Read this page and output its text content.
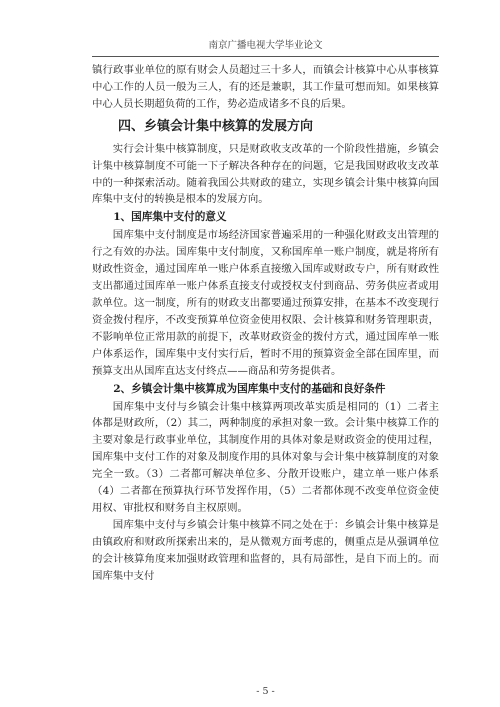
南京广播电视大学毕业论文

镇行政事业单位的原有财会人员超过三十多人，而镇会计核算中心从事核算中心工作的人员一般为三人，有的还是兼职，其工作量可想而知。如果核算中心人员长期超负荷的工作，势必造成诸多不良的后果。

四、乡镇会计集中核算的发展方向

实行会计集中核算制度，只是财政收支改革的一个阶段性措施，乡镇会计集中核算制度不可能一下子解决各种存在的问题，它是我国财政收支改革中的一种探索活动。随着我国公共财政的建立，实现乡镇会计集中核算向国库集中支付的转换是根本的发展方向。

1、国库集中支付的意义

国库集中支付制度是市场经济国家普遍采用的一种强化财政支出管理的行之有效的办法。国库集中支付制度，又称国库单一账户制度，就是将所有财政性资金，通过国库单一账户体系直接缴入国库或财政专户，所有财政性支出都通过国库单一账户体系直接支付或授权支付到商品、劳务供应者或用款单位。这一制度，所有的财政支出都要通过预算安排，在基本不改变现行资金拨付程序，不改变预算单位资金使用权限、会计核算和财务管理职责，不影响单位正常用款的前提下，改革财政资金的拨付方式，通过国库单一账户体系运作，国库集中支付实行后，暂时不用的预算资金全部在国库里，而预算支出从国库直达支付终点——商品和劳务提供者。

2、乡镇会计集中核算成为国库集中支付的基础和良好条件

国库集中支付与乡镇会计集中核算两项改革实质是相同的（1）二者主体都是财政所，（2）其二，两种制度的承担对象一致。会计集中核算工作的主要对象是行政事业单位，其制度作用的具体对象是财政资金的使用过程，国库集中支付工作的对象及制度作用的具体对象与会计集中核算制度的对象完全一致。（3）二者都可解决单位多、分散开设账户，建立单一账户体系（4）二者都在预算执行环节发挥作用，（5）二者都体现不改变单位资金使用权、审批权和财务自主权原则。

国库集中支付与乡镇会计集中核算不同之处在于：乡镇会计集中核算是由镇政府和财政所探索出来的，是从微观方面考虑的，侧重点是从强调单位的会计核算角度来加强财政管理和监督的，具有局部性，是自下而上的。而国库集中支付

- 5 -
